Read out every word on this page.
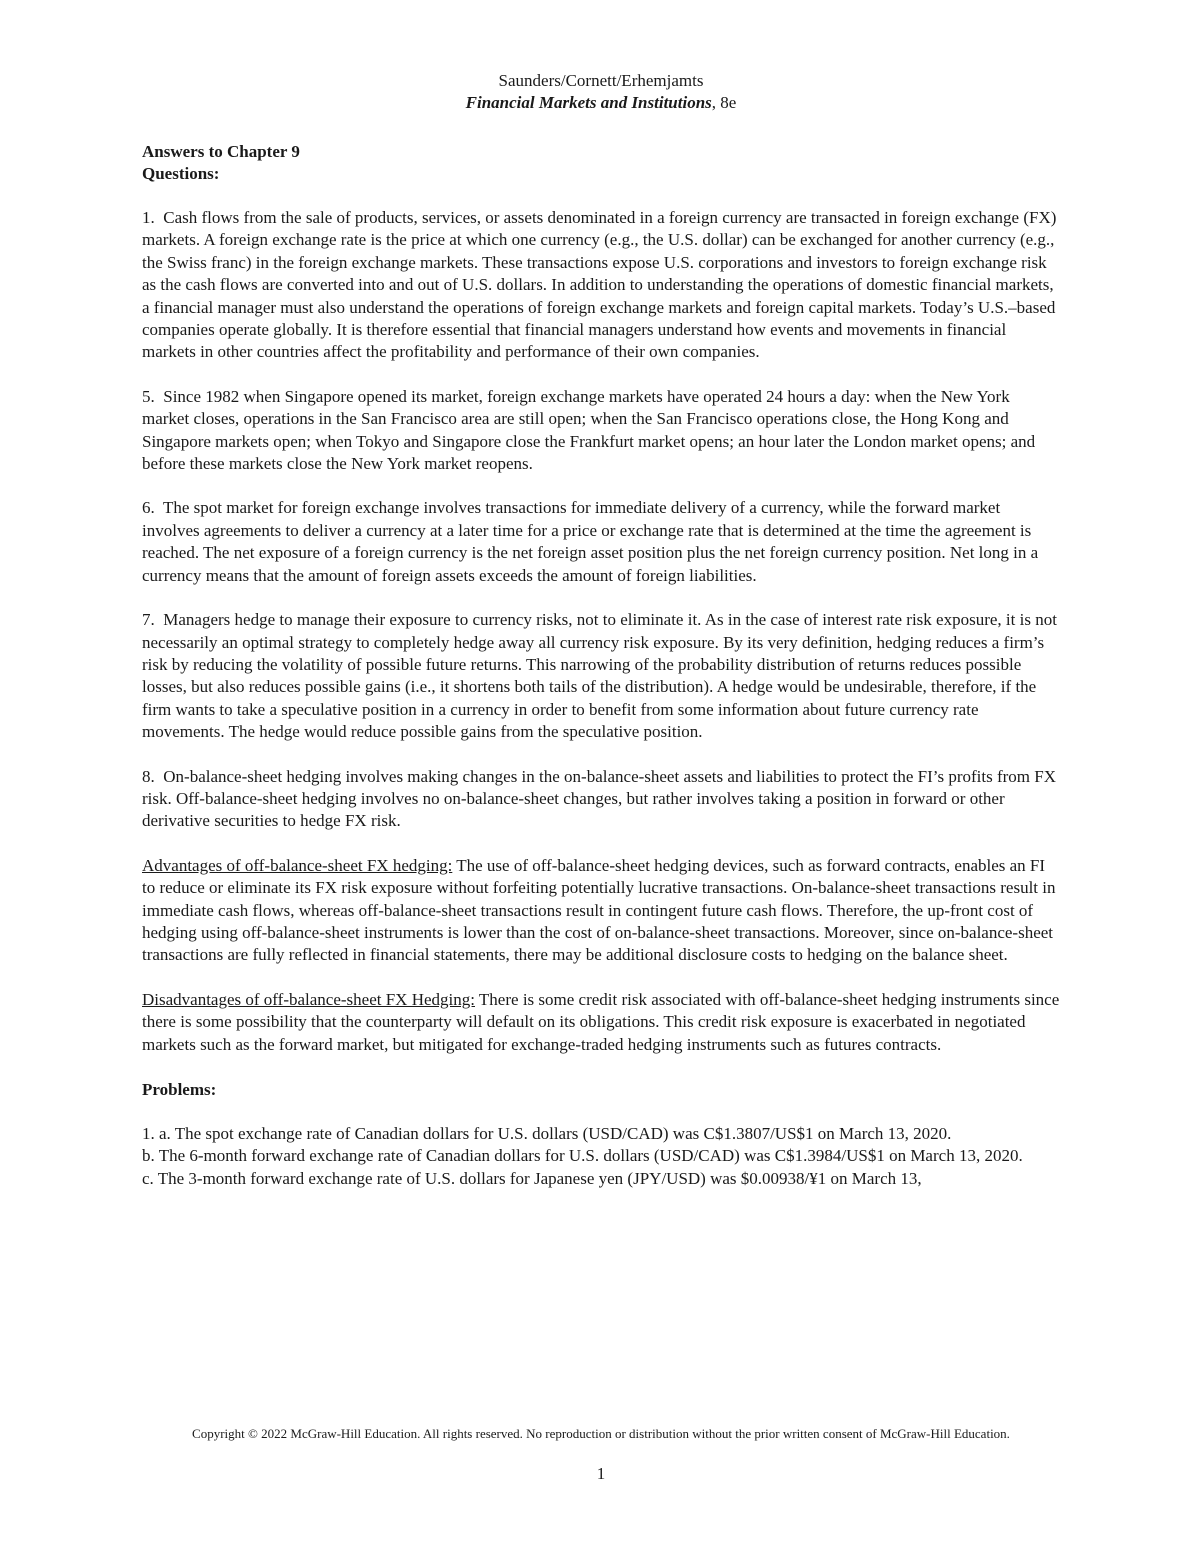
Saunders/Cornett/Erhemjamts
Financial Markets and Institutions, 8e
Answers to Chapter 9
Questions:
1. Cash flows from the sale of products, services, or assets denominated in a foreign currency are transacted in foreign exchange (FX) markets. A foreign exchange rate is the price at which one currency (e.g., the U.S. dollar) can be exchanged for another currency (e.g., the Swiss franc) in the foreign exchange markets. These transactions expose U.S. corporations and investors to foreign exchange risk as the cash flows are converted into and out of U.S. dollars. In addition to understanding the operations of domestic financial markets, a financial manager must also understand the operations of foreign exchange markets and foreign capital markets. Today’s U.S.–based companies operate globally. It is therefore essential that financial managers understand how events and movements in financial markets in other countries affect the profitability and performance of their own companies.
5. Since 1982 when Singapore opened its market, foreign exchange markets have operated 24 hours a day: when the New York market closes, operations in the San Francisco area are still open; when the San Francisco operations close, the Hong Kong and Singapore markets open; when Tokyo and Singapore close the Frankfurt market opens; an hour later the London market opens; and before these markets close the New York market reopens.
6. The spot market for foreign exchange involves transactions for immediate delivery of a currency, while the forward market involves agreements to deliver a currency at a later time for a price or exchange rate that is determined at the time the agreement is reached. The net exposure of a foreign currency is the net foreign asset position plus the net foreign currency position. Net long in a currency means that the amount of foreign assets exceeds the amount of foreign liabilities.
7. Managers hedge to manage their exposure to currency risks, not to eliminate it. As in the case of interest rate risk exposure, it is not necessarily an optimal strategy to completely hedge away all currency risk exposure. By its very definition, hedging reduces a firm’s risk by reducing the volatility of possible future returns. This narrowing of the probability distribution of returns reduces possible losses, but also reduces possible gains (i.e., it shortens both tails of the distribution). A hedge would be undesirable, therefore, if the firm wants to take a speculative position in a currency in order to benefit from some information about future currency rate movements. The hedge would reduce possible gains from the speculative position.
8. On-balance-sheet hedging involves making changes in the on-balance-sheet assets and liabilities to protect the FI’s profits from FX risk. Off-balance-sheet hedging involves no on-balance-sheet changes, but rather involves taking a position in forward or other derivative securities to hedge FX risk.
Advantages of off-balance-sheet FX hedging: The use of off-balance-sheet hedging devices, such as forward contracts, enables an FI to reduce or eliminate its FX risk exposure without forfeiting potentially lucrative transactions. On-balance-sheet transactions result in immediate cash flows, whereas off-balance-sheet transactions result in contingent future cash flows. Therefore, the up-front cost of hedging using off-balance-sheet instruments is lower than the cost of on-balance-sheet transactions. Moreover, since on-balance-sheet transactions are fully reflected in financial statements, there may be additional disclosure costs to hedging on the balance sheet.
Disadvantages of off-balance-sheet FX Hedging: There is some credit risk associated with off-balance-sheet hedging instruments since there is some possibility that the counterparty will default on its obligations. This credit risk exposure is exacerbated in negotiated markets such as the forward market, but mitigated for exchange-traded hedging instruments such as futures contracts.
Problems:
1. a. The spot exchange rate of Canadian dollars for U.S. dollars (USD/CAD) was C$1.3807/US$1 on March 13, 2020.
b. The 6-month forward exchange rate of Canadian dollars for U.S. dollars (USD/CAD) was C$1.3984/US$1 on March 13, 2020.
c. The 3-month forward exchange rate of U.S. dollars for Japanese yen (JPY/USD) was $0.00938/¥1 on March 13,
Copyright © 2022 McGraw-Hill Education. All rights reserved. No reproduction or distribution without the prior written consent of McGraw-Hill Education.
1
